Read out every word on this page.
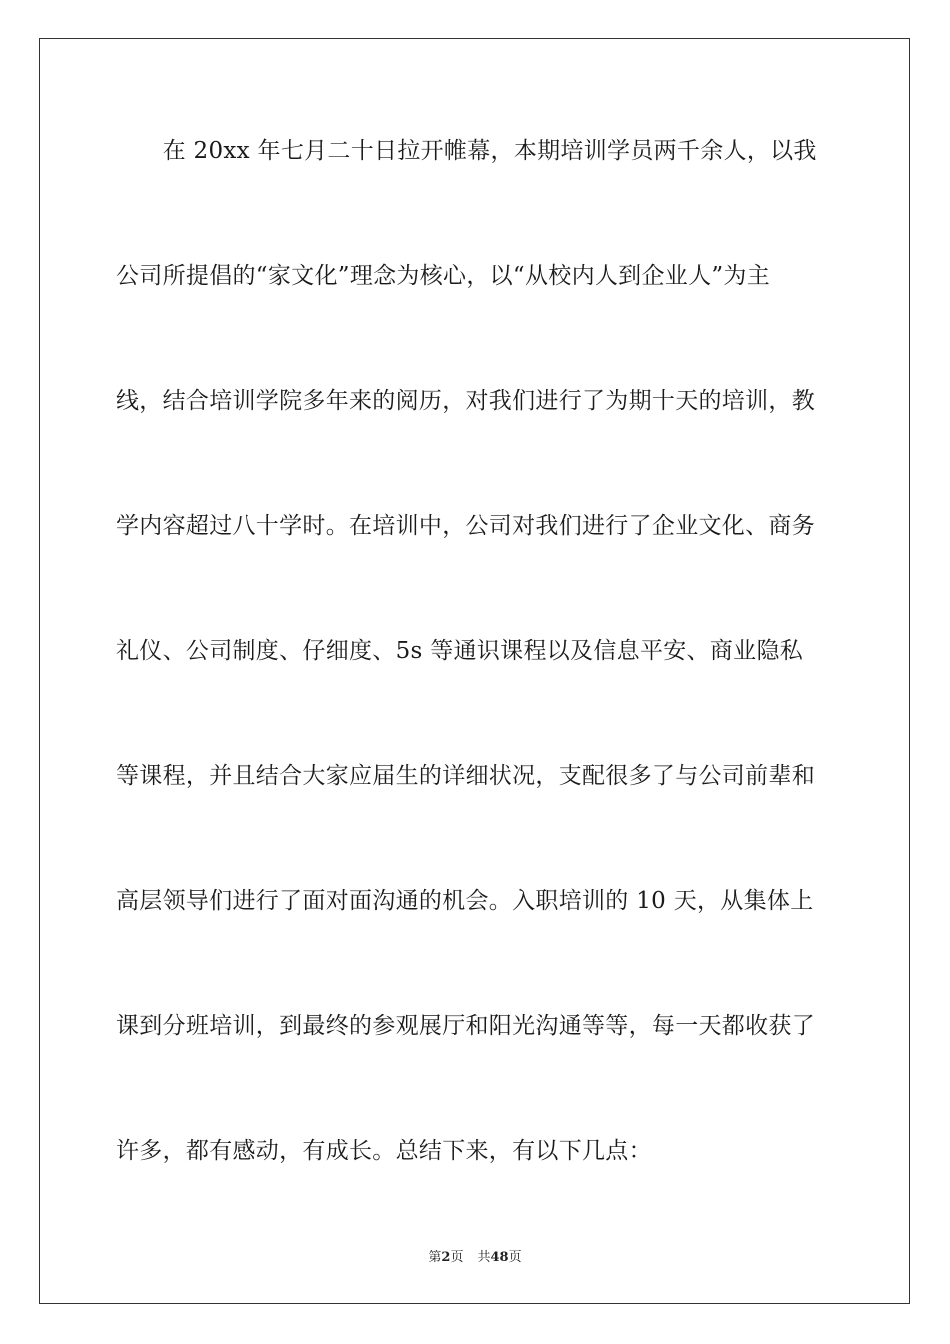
　　在 20xx 年七月二十日拉开帷幕，本期培训学员两千余人，以我
公司所提倡的“家文化”理念为核心，以“从校内人到企业人”为主
线，结合培训学院多年来的阅历，对我们进行了为期十天的培训，教
学内容超过八十学时。在培训中，公司对我们进行了企业文化、商务
礼仪、公司制度、仔细度、5s 等通识课程以及信息平安、商业隐私
等课程，并且结合大家应届生的详细状况，支配很多了与公司前辈和
高层领导们进行了面对面沟通的机会。入职培训的 10 天，从集体上
课到分班培训，到最终的参观展厅和阳光沟通等等，每一天都收获了
许多，都有感动，有成长。总结下来，有以下几点：
第2页 共48页
